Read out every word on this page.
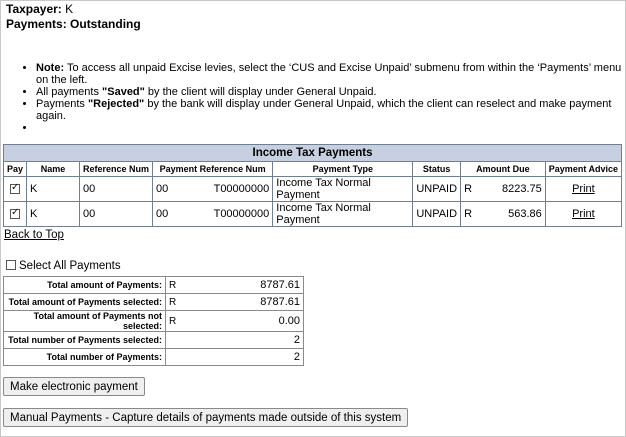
Taxpayer: K
Payments: Outstanding
• Note: To access all unpaid Excise levies, select the ‘CUS and Excise Unpaid’ submenu from within the ‘Payments’ menu on the left.
• All payments "Saved" by the client will display under General Unpaid.
• Payments "Rejected" by the bank will display under General Unpaid, which the client can reselect and make payment again.
•
Income Tax Payments								
Pay	Name	Reference Num	Payment Reference Num		Payment Type	Status	Amount Due	Payment Advice
✓	K	00	00	T00000000	Income Tax Normal Payment	UNPAID	R 8223.75	Print
✓	K	00	00	T00000000	Income Tax Normal Payment	UNPAID	R 563.86	Print
Back to Top
Select All Payments
Total amount of Payments:	R	8787.61
Total amount of Payments selected:	R	8787.61
Total amount of Payments not selected:	R	0.00
Total number of Payments selected:	2	
Total number of Payments:	2	
Make electronic payment
Manual Payments - Capture details of payments made outside of this system
